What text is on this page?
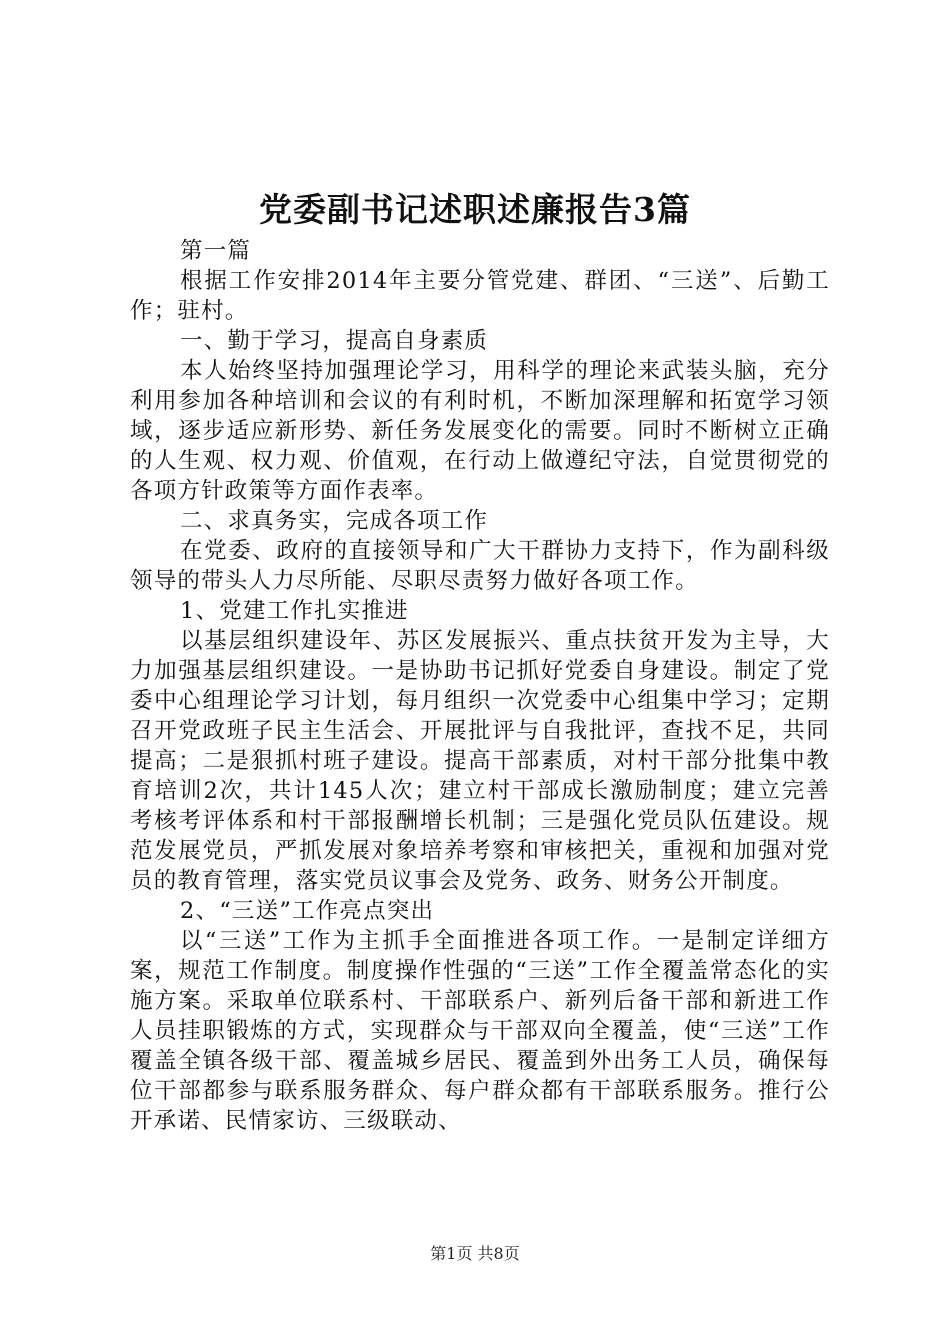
党委副书记述职述廉报告3篇

第一篇

根据工作安排2014年主要分管党建、群团、“三送”、后勤工作；驻村。

一、勤于学习，提高自身素质

本人始终坚持加强理论学习，用科学的理论来武装头脑，充分利用参加各种培训和会议的有利时机，不断加深理解和拓宽学习领域，逐步适应新形势、新任务发展变化的需要。同时不断树立正确的人生观、权力观、价值观，在行动上做遵纪守法，自觉贯彻党的各项方针政策等方面作表率。

二、求真务实，完成各项工作

在党委、政府的直接领导和广大干群协力支持下，作为副科级领导的带头人力尽所能、尽职尽责努力做好各项工作。

1、党建工作扎实推进

以基层组织建设年、苏区发展振兴、重点扶贫开发为主导，大力加强基层组织建设。一是协助书记抓好党委自身建设。制定了党委中心组理论学习计划，每月组织一次党委中心组集中学习；定期召开党政班子民主生活会、开展批评与自我批评，查找不足，共同提高；二是狠抓村班子建设。提高干部素质，对村干部分批集中教育培训2次，共计145人次；建立村干部成长激励制度；建立完善考核考评体系和村干部报酬增长机制；三是强化党员队伍建设。规范发展党员，严抓发展对象培养考察和审核把关，重视和加强对党员的教育管理，落实党员议事会及党务、政务、财务公开制度。

2、“三送”工作亮点突出

以“三送”工作为主抓手全面推进各项工作。一是制定详细方案，规范工作制度。制度操作性强的“三送”工作全覆盖常态化的实施方案。采取单位联系村、干部联系户、新列后备干部和新进工作人员挂职锻炼的方式，实现群众与干部双向全覆盖，使“三送”工作覆盖全镇各级干部、覆盖城乡居民、覆盖到外出务工人员，确保每位干部都参与联系服务群众、每户群众都有干部联系服务。推行公开承诺、民情家访、三级联动、

第1页 共8页
